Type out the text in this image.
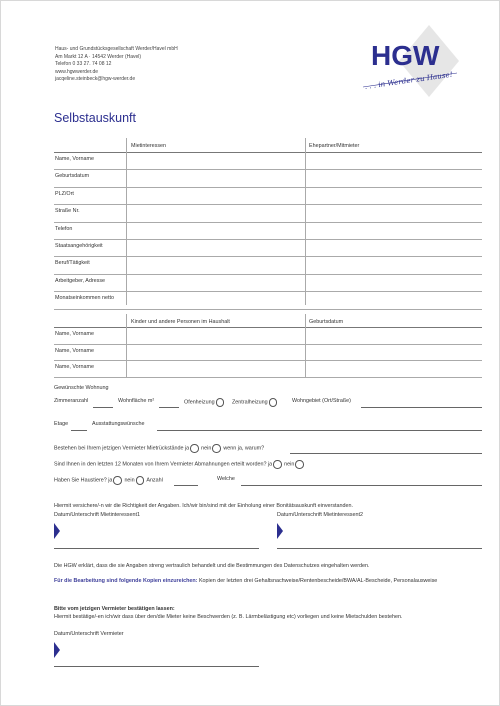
Haus- und Grundstücksgesellschaft Werder/Havel mbH
Am Markt 12 A · 14542 Werder (Havel)
Telefon 0 33 27. 74 08 12
www.hgwwerder.de
jacqeline.steinbeck@hgw-werder.de
HGW
. . . in Werder zu Hause!
Selbstauskunft
Mietinteressen	Ehepartner/Mitmieter
Name, Vorname
Geburtsdatum
PLZ/Ort
Straße Nr.
Telefon
Staatsangehörigkeit
Beruf/Tätigkeit
Arbeitgeber, Adresse
Monatseinkommen netto
Kinder und andere Personen im Haushalt	Geburtsdatum
Name, Vorname
Name, Vorname
Name, Vorname
Gewünschte Wohnung
Zimmeranzahl	Wohnfläche m²	Ofenheizung	Zentralheizung	Wohngebiet (Ort/Straße)
Etage	Ausstattungswünsche
Bestehen bei Ihrem jetzigen Vermieter Mietrückstände ja nein wenn ja, warum?
Sind Ihnen in den letzten 12 Monaten von Ihrem Vermieter Abmahnungen erteilt worden? ja nein
Haben Sie Haustiere? ja nein Anzahl	Welche
Hiermit versichere/-n wir die Richtigkeit der Angaben. Ich/wir bin/sind mit der Einholung einer Bonitätsauskunft einverstanden.
Datum/Unterschrift Mietinteressent1	Datum/Unterschrift Mietinteressent2
Die HGW erklärt, dass die sie Angaben streng vertraulich behandelt und die Bestimmungen des Datenschutzes eingehalten werden.
Für die Bearbeitung sind folgende Kopien einzureichen: Kopien der letzten drei Gehaltsnachweise/Rentenbescheide/BWA/AL-Bescheide, Personalausweise
Bitte vom jetzigen Vermieter bestätigen lassen:
Hiermit bestätige/-en ich/wir dass über den/die Mieter keine Beschwerden (z. B. Lärmbelästigung etc) vorliegen und keine Mietschulden bestehen.
Datum/Unterschrift Vermieter
